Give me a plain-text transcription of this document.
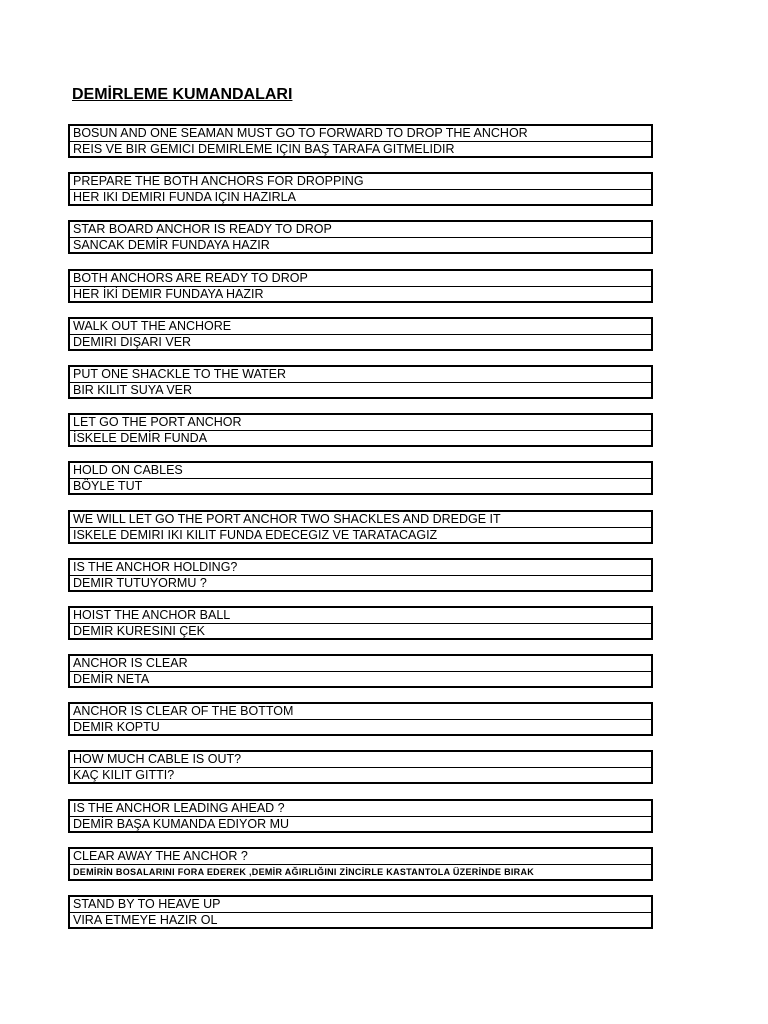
DEMİRLEME KUMANDALARI
BOSUN AND ONE SEAMAN MUST GO TO FORWARD TO DROP THE ANCHOR
REIS VE BIR GEMICI DEMIRLEME IÇIN BAŞ TARAFA GITMELIDIR
PREPARE THE BOTH ANCHORS FOR DROPPING
HER IKI DEMIRI FUNDA IÇIN HAZIRLA
STAR BOARD ANCHOR IS READY TO DROP
SANCAK DEMİR FUNDAYA HAZIR
BOTH ANCHORS ARE READY TO DROP
HER İKİ DEMIR FUNDAYA HAZIR
WALK OUT THE ANCHORE
DEMIRI DIŞARI VER
PUT ONE SHACKLE TO THE WATER
BIR KILIT SUYA VER
LET GO THE PORT ANCHOR
İSKELE DEMİR FUNDA
HOLD ON CABLES
BÖYLE TUT
WE WILL LET GO THE PORT ANCHOR TWO SHACKLES AND DREDGE IT
ISKELE DEMIRI IKI KILIT FUNDA EDECEGIZ VE TARATACAGIZ
IS THE ANCHOR HOLDING?
DEMIR TUTUYORMU ?
HOIST THE ANCHOR BALL
DEMIR KURESINI ÇEK
ANCHOR IS CLEAR
DEMİR NETA
ANCHOR IS CLEAR OF THE BOTTOM
DEMIR KOPTU
HOW MUCH CABLE IS OUT?
KAÇ KILIT GITTI?
IS THE ANCHOR LEADING AHEAD ?
DEMİR BAŞA KUMANDA EDIYOR MU
CLEAR AWAY THE ANCHOR ?
DEMİRİN BOSALARINI FORA EDEREK ,DEMİR AĞIRLIĞINI ZİNCİRLE KASTANTOLA ÜZERİNDE BIRAK
STAND BY TO HEAVE UP
VIRA ETMEYE HAZIR OL
